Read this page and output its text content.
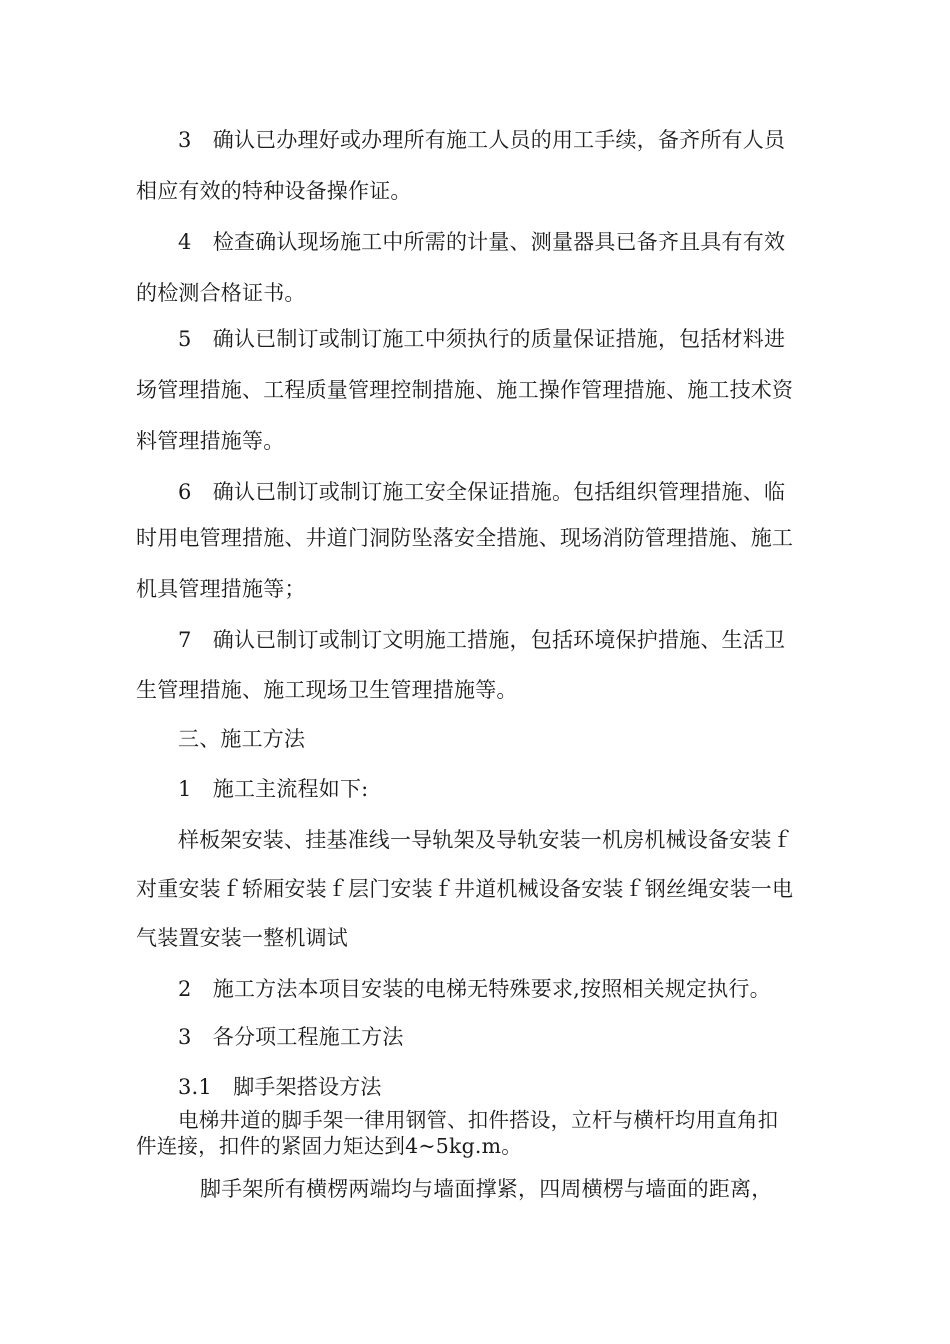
3　确认已办理好或办理所有施工人员的用工手续，备齐所有人员
相应有效的特种设备操作证。
4　检查确认现场施工中所需的计量、测量器具已备齐且具有有效
的检测合格证书。
5　确认已制订或制订施工中须执行的质量保证措施，包括材料进
场管理措施、工程质量管理控制措施、施工操作管理措施、施工技术资
料管理措施等。
6　确认已制订或制订施工安全保证措施。包括组织管理措施、临
时用电管理措施、井道门洞防坠落安全措施、现场消防管理措施、施工
机具管理措施等；
7　确认已制订或制订文明施工措施，包括环境保护措施、生活卫
生管理措施、施工现场卫生管理措施等。
三、施工方法
1　施工主流程如下:
样板架安装、挂基准线一导轨架及导轨安装一机房机械设备安装ｆ
对重安装ｆ轿厢安装ｆ层门安装ｆ井道机械设备安装ｆ钢丝绳安装一电
气装置安装一整机调试
2　施工方法本项目安装的电梯无特殊要求,按照相关规定执行。
3　各分项工程施工方法
3.1　脚手架搭设方法
电梯井道的脚手架一律用钢管、扣件搭设，立杆与横杆均用直角扣
件连接，扣件的紧固力矩达到4~5kg.m。
脚手架所有横楞两端均与墙面撑紧，四周横楞与墙面的距离，
